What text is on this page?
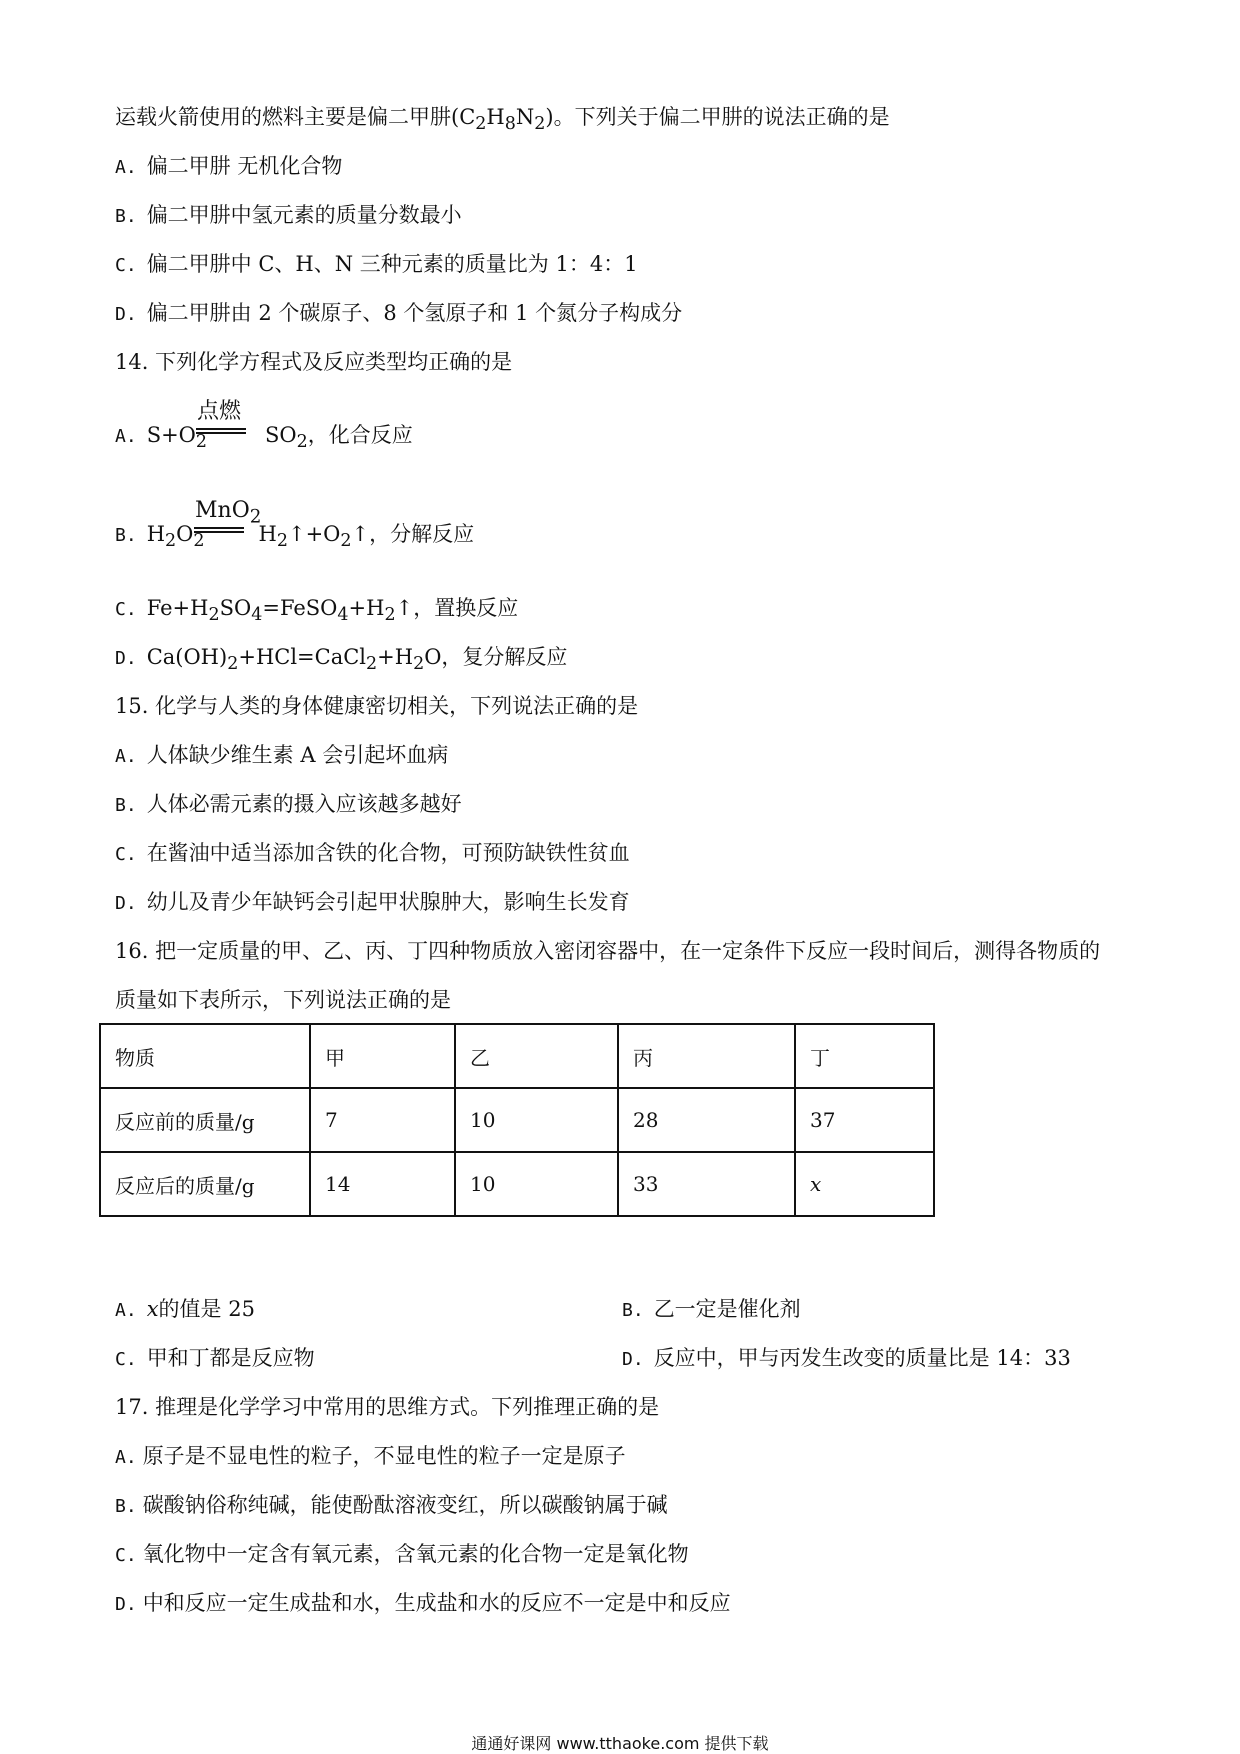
运载火箭使用的燃料主要是偏二甲肼$(C_2H_8N_2)$。下列关于偏二甲肼的说法正确的是
A. 偏二甲肼 无机化合物
B. 偏二甲肼中氢元素的质量分数最小
C. 偏二甲肼中 C、H、N 三种元素的质量比为 1：4：1
D. 偏二甲肼由 2 个碳原子、8 个氢原子和 1 个氮分子构成分
14. 下列化学方程式及反应类型均正确的是
点燃
A. $S+O_2$	$SO_2$，化合反应
MnO$_2$
B. $H_2O_2$	$H_2↑+O_2↑$，分解反应
C. $Fe+H_2SO_4=FeSO_4+H_2↑$，置换反应
D. $Ca(OH)_2+HCl=CaCl_2+H_2O$，复分解反应
15. 化学与人类的身体健康密切相关，下列说法正确的是
A. 人体缺少维生素 A 会引起坏血病
B. 人体必需元素的摄入应该越多越好
C. 在酱油中适当添加含铁的化合物，可预防缺铁性贫血
D. 幼儿及青少年缺钙会引起甲状腺肿大，影响生长发育
16. 把一定质量的甲、乙、丙、丁四种物质放入密闭容器中，在一定条件下反应一段时间后，测得各物质的
质量如下表所示，下列说法正确的是
物质	甲	乙	丙	丁
反应前的质量/g	7	10	28	37
反应后的质量/g	14	10	33	x
A. x的值是 25	B. 乙一定是催化剂
C. 甲和丁都是反应物	D. 反应中，甲与丙发生改变的质量比是 14：33
17. 推理是化学学习中常用的思维方式。下列推理正确的是
A. 原子是不显电性的粒子，不显电性的粒子一定是原子
B. 碳酸钠俗称纯碱，能使酚酞溶液变红，所以碳酸钠属于碱
C. 氧化物中一定含有氧元素，含氧元素的化合物一定是氧化物
D. 中和反应一定生成盐和水，生成盐和水的反应不一定是中和反应
通通好课网 www.tthaoke.com 提供下载
